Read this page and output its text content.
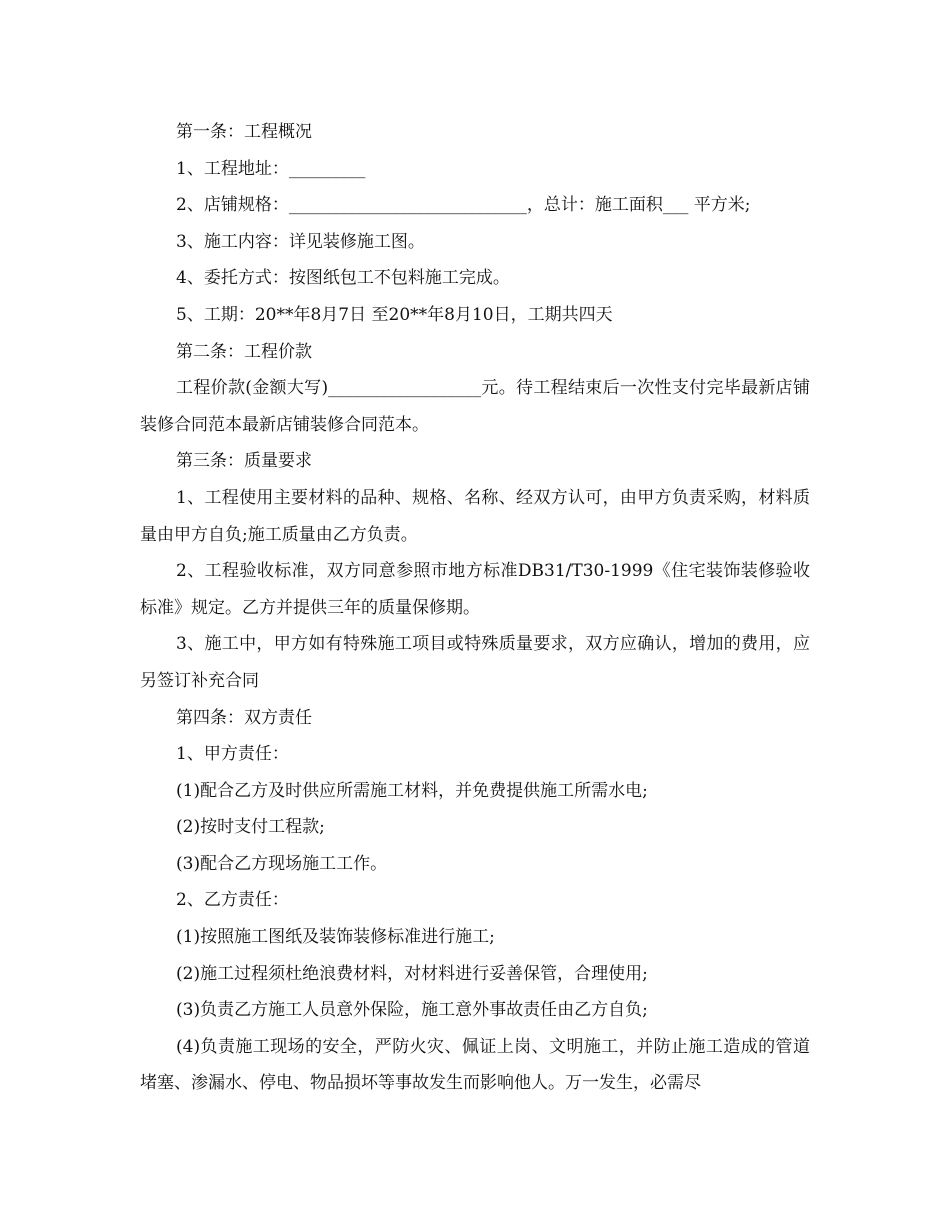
第一条：工程概况

1、工程地址：_________

2、店铺规格：____________________________，总计：施工面积___ 平方米;

3、施工内容：详见装修施工图。

4、委托方式：按图纸包工不包料施工完成。

5、工期：20**年8月7日 至20**年8月10日，工期共四天

第二条：工程价款

工程价款(金额大写)__________________元。待工程结束后一次性支付完毕最新店铺装修合同范本最新店铺装修合同范本。

第三条：质量要求

1、工程使用主要材料的品种、规格、名称、经双方认可，由甲方负责采购，材料质量由甲方自负;施工质量由乙方负责。

2、工程验收标准，双方同意参照市地方标准DB31/T30-1999《住宅装饰装修验收标准》规定。乙方并提供三年的质量保修期。

3、施工中，甲方如有特殊施工项目或特殊质量要求，双方应确认，增加的费用，应另签订补充合同

第四条：双方责任

1、甲方责任：

(1)配合乙方及时供应所需施工材料，并免费提供施工所需水电;

(2)按时支付工程款;

(3)配合乙方现场施工工作。

2、乙方责任：

(1)按照施工图纸及装饰装修标准进行施工;

(2)施工过程须杜绝浪费材料，对材料进行妥善保管，合理使用;

(3)负责乙方施工人员意外保险，施工意外事故责任由乙方自负;

(4)负责施工现场的安全，严防火灾、佩证上岗、文明施工，并防止施工造成的管道堵塞、渗漏水、停电、物品损坏等事故发生而影响他人。万一发生，必需尽
